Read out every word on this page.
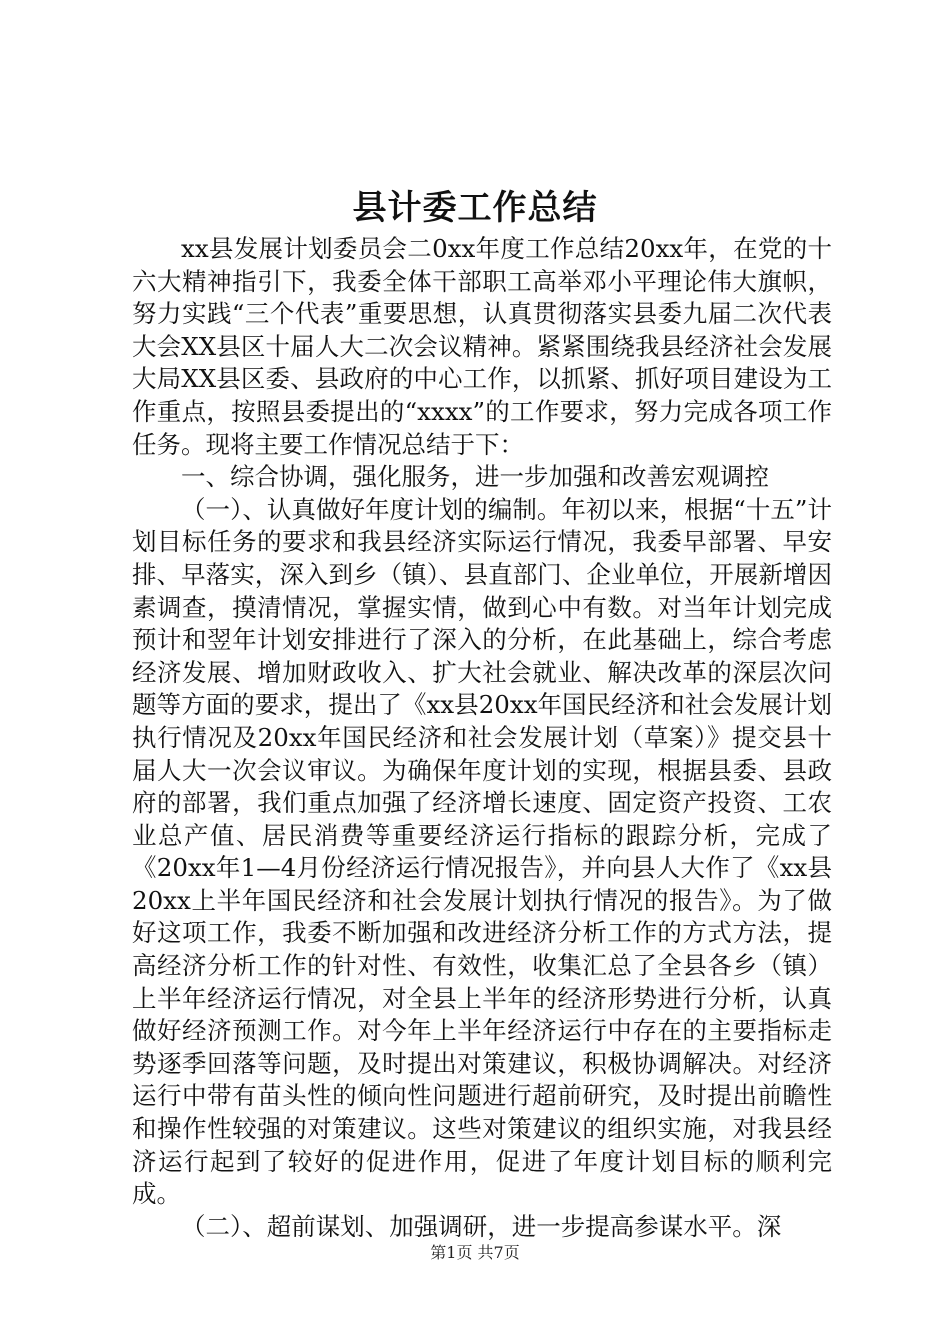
县计委工作总结

xx县发展计划委员会二0xx年度工作总结20xx年，在党的十六大精神指引下，我委全体干部职工高举邓小平理论伟大旗帜，努力实践“三个代表”重要思想，认真贯彻落实县委九届二次代表大会XX县区十届人大二次会议精神。紧紧围绕我县经济社会发展大局XX县区委、县政府的中心工作，以抓紧、抓好项目建设为工作重点，按照县委提出的“xxxx”的工作要求，努力完成各项工作任务。现将主要工作情况总结于下：

一、综合协调，强化服务，进一步加强和改善宏观调控

（一）、认真做好年度计划的编制。年初以来，根据“十五”计划目标任务的要求和我县经济实际运行情况，我委早部署、早安排、早落实，深入到乡（镇）、县直部门、企业单位，开展新增因素调查，摸清情况，掌握实情，做到心中有数。对当年计划完成预计和翌年计划安排进行了深入的分析，在此基础上，综合考虑经济发展、增加财政收入、扩大社会就业、解决改革的深层次问题等方面的要求，提出了《xx县20xx年国民经济和社会发展计划执行情况及20xx年国民经济和社会发展计划（草案）》提交县十届人大一次会议审议。为确保年度计划的实现，根据县委、县政府的部署，我们重点加强了经济增长速度、固定资产投资、工农业总产值、居民消费等重要经济运行指标的跟踪分析，完成了《20xx年1—4月份经济运行情况报告》，并向县人大作了《xx县20xx上半年国民经济和社会发展计划执行情况的报告》。为了做好这项工作，我委不断加强和改进经济分析工作的方式方法，提高经济分析工作的针对性、有效性，收集汇总了全县各乡（镇）上半年经济运行情况，对全县上半年的经济形势进行分析，认真做好经济预测工作。对今年上半年经济运行中存在的主要指标走势逐季回落等问题，及时提出对策建议，积极协调解决。对经济运行中带有苗头性的倾向性问题进行超前研究，及时提出前瞻性和操作性较强的对策建议。这些对策建议的组织实施，对我县经济运行起到了较好的促进作用，促进了年度计划目标的顺利完成。

（二）、超前谋划、加强调研，进一步提高参谋水平。深

第1页 共7页
